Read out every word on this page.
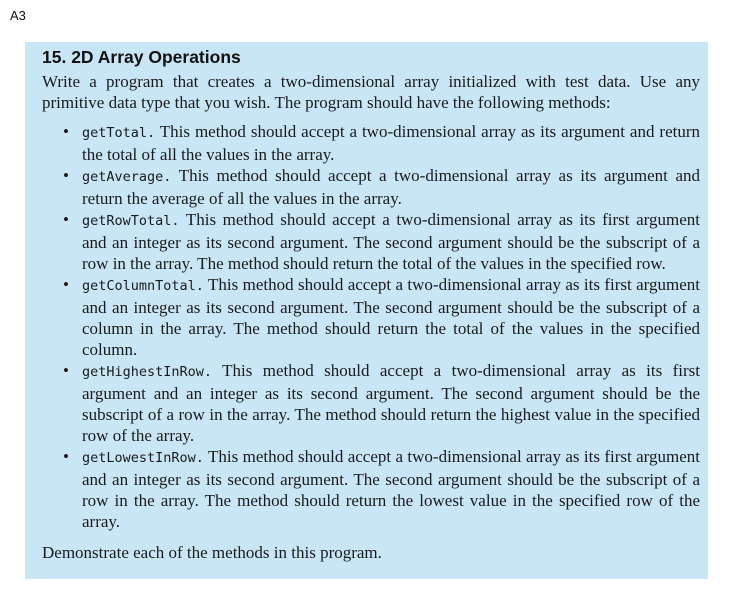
A3
15. 2D Array Operations

Write a program that creates a two-dimensional array initialized with test data. Use any primitive data type that you wish. The program should have the following methods:

• getTotal. This method should accept a two-dimensional array as its argument and return the total of all the values in the array.
• getAverage. This method should accept a two-dimensional array as its argument and return the average of all the values in the array.
• getRowTotal. This method should accept a two-dimensional array as its first argument and an integer as its second argument. The second argument should be the subscript of a row in the array. The method should return the total of the values in the specified row.
• getColumnTotal. This method should accept a two-dimensional array as its first argument and an integer as its second argument. The second argument should be the subscript of a column in the array. The method should return the total of the values in the specified column.
• getHighestInRow. This method should accept a two-dimensional array as its first argument and an integer as its second argument. The second argument should be the subscript of a row in the array. The method should return the highest value in the specified row of the array.
• getLowestInRow. This method should accept a two-dimensional array as its first argument and an integer as its second argument. The second argument should be the subscript of a row in the array. The method should return the lowest value in the specified row of the array.

Demonstrate each of the methods in this program.
